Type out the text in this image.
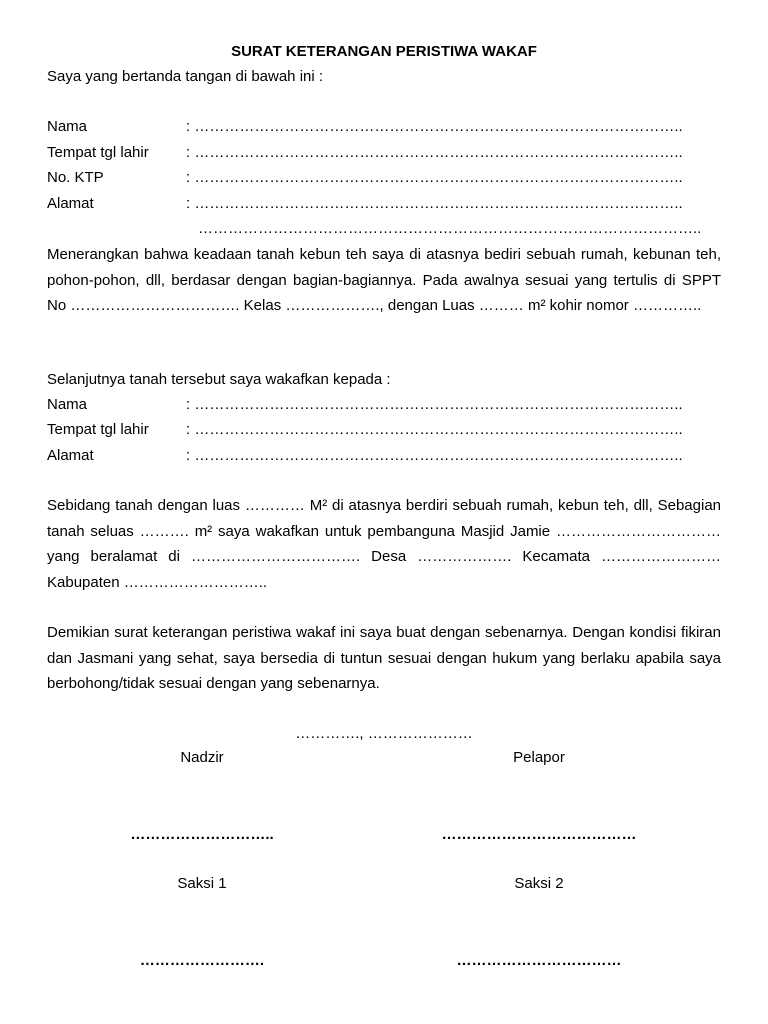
SURAT KETERANGAN PERISTIWA WAKAF
Saya yang bertanda tangan di bawah ini :
Nama	: ……………………………………………………………………………………..
Tempat tgl lahir : ……………………………………………………………………………………..
No. KTP	: ……………………………………………………………………………………..
Alamat	: ……………………………………………………………………………………..
………………………………………………………………………………………..
Menerangkan bahwa keadaan tanah kebun teh saya di atasnya bediri sebuah rumah, kebunan teh, pohon-pohon, dll, berdasar dengan bagian-bagiannya. Pada awalnya sesuai yang tertulis di SPPT No ……………………………. Kelas ………………., dengan Luas ……… m² kohir nomor …………..
Selanjutnya tanah tersebut saya wakafkan kepada :
Nama	: ……………………………………………………………………………………..
Tempat tgl lahir : ……………………………………………………………………………………..
Alamat	: ……………………………………………………………………………………..
Sebidang tanah dengan luas ………… M² di atasnya berdiri sebuah rumah, kebun teh, dll, Sebagian tanah seluas ………. m² saya wakafkan untuk pembanguna Masjid Jamie …………………………… yang beralamat di ……………………………. Desa ………………. Kecamata ……………………Kabupaten ………………………..
Demikian surat keterangan peristiwa wakaf ini saya buat dengan sebenarnya. Dengan kondisi fikiran dan Jasmani yang sehat, saya bersedia di tuntun sesuai dengan hukum yang berlaku apabila saya berbohong/tidak sesuai dengan yang sebenarnya.
…………., …………………
Nadzir	Pelapor
………………………..	…………………………………
Saksi 1	Saksi 2
…………………….	……………………………
